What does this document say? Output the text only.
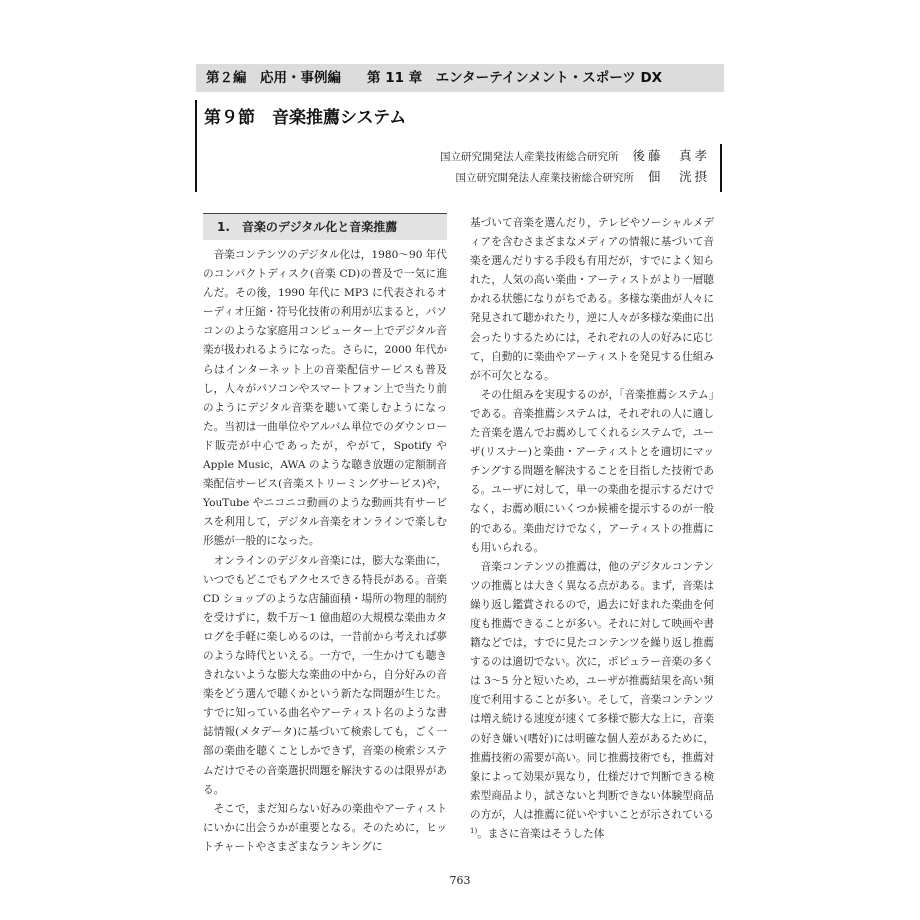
第２編　応用・事例編 第 11 章　エンターテインメント・スポーツ DX
第９節　音楽推薦システム
国立研究開発法人産業技術総合研究所 後藤　真孝
国立研究開発法人産業技術総合研究所 佃　洸摂
1.　音楽のデジタル化と音楽推薦

音楽コンテンツのデジタル化は，1980〜90 年代のコンパクトディスク(音楽 CD)の普及で一気に進んだ。その後，1990 年代に MP3 に代表されるオーディオ圧縮・符号化技術の利用が広まると，パソコンのような家庭用コンピューター上でデジタル音楽が扱われるようになった。さらに，2000 年代からはインターネット上の音楽配信サービスも普及し，人々がパソコンやスマートフォン上で当たり前のようにデジタル音楽を聴いて楽しむようになった。当初は一曲単位やアルバム単位でのダウンロード販売が中心であったが，やがて，Spotify や Apple Music，AWA のような聴き放題の定額制音楽配信サービス(音楽ストリーミングサービス)や，YouTube やニコニコ動画のような動画共有サービスを利用して，デジタル音楽をオンラインで楽しむ形態が一般的になった。

オンラインのデジタル音楽には，膨大な楽曲に，いつでもどこでもアクセスできる特長がある。音楽 CD ショップのような店舗面積・場所の物理的制約を受けずに，数千万〜1 億曲超の大規模な楽曲カタログを手軽に楽しめるのは，一昔前から考えれば夢のような時代といえる。一方で，一生かけても聴ききれないような膨大な楽曲の中から，自分好みの音楽をどう選んで聴くかという新たな問題が生じた。すでに知っている曲名やアーティスト名のような書誌情報(メタデータ)に基づいて検索しても，ごく一部の楽曲を聴くことしかできず，音楽の検索システムだけでその音楽選択問題を解決するのは限界がある。

そこで，まだ知らない好みの楽曲やアーティストにいかに出会うかが重要となる。そのために，ヒットチャートやさまざまなランキングに

基づいて音楽を選んだり，テレビやソーシャルメディアを含むさまざまなメディアの情報に基づいて音楽を選んだりする手段も有用だが，すでによく知られた，人気の高い楽曲・アーティストがより一層聴かれる状態になりがちである。多様な楽曲が人々に発見されて聴かれたり，逆に人々が多様な楽曲に出会ったりするためには，それぞれの人の好みに応じて，自動的に楽曲やアーティストを発見する仕組みが不可欠となる。

その仕組みを実現するのが，「音楽推薦システム」である。音楽推薦システムは，それぞれの人に適した音楽を選んでお薦めしてくれるシステムで，ユーザ(リスナー)と楽曲・アーティストとを適切にマッチングする問題を解決することを目指した技術である。ユーザに対して，単一の楽曲を提示するだけでなく，お薦め順にいくつか候補を提示するのが一般的である。楽曲だけでなく，アーティストの推薦にも用いられる。

音楽コンテンツの推薦は，他のデジタルコンテンツの推薦とは大きく異なる点がある。まず，音楽は繰り返し鑑賞されるので，過去に好まれた楽曲を何度も推薦できることが多い。それに対して映画や書籍などでは，すでに見たコンテンツを繰り返し推薦するのは適切でない。次に，ポピュラー音楽の多くは 3〜5 分と短いため，ユーザが推薦結果を高い頻度で利用することが多い。そして，音楽コンテンツは増え続ける速度が速くて多様で膨大な上に，音楽の好き嫌い(嗜好)には明確な個人差があるために，推薦技術の需要が高い。同じ推薦技術でも，推薦対象によって効果が異なり，仕様だけで判断できる検索型商品より，試さないと判断できない体験型商品の方が，人は推薦に従いやすいことが示されている$^{1)}$。まさに音楽はそうした体

763
